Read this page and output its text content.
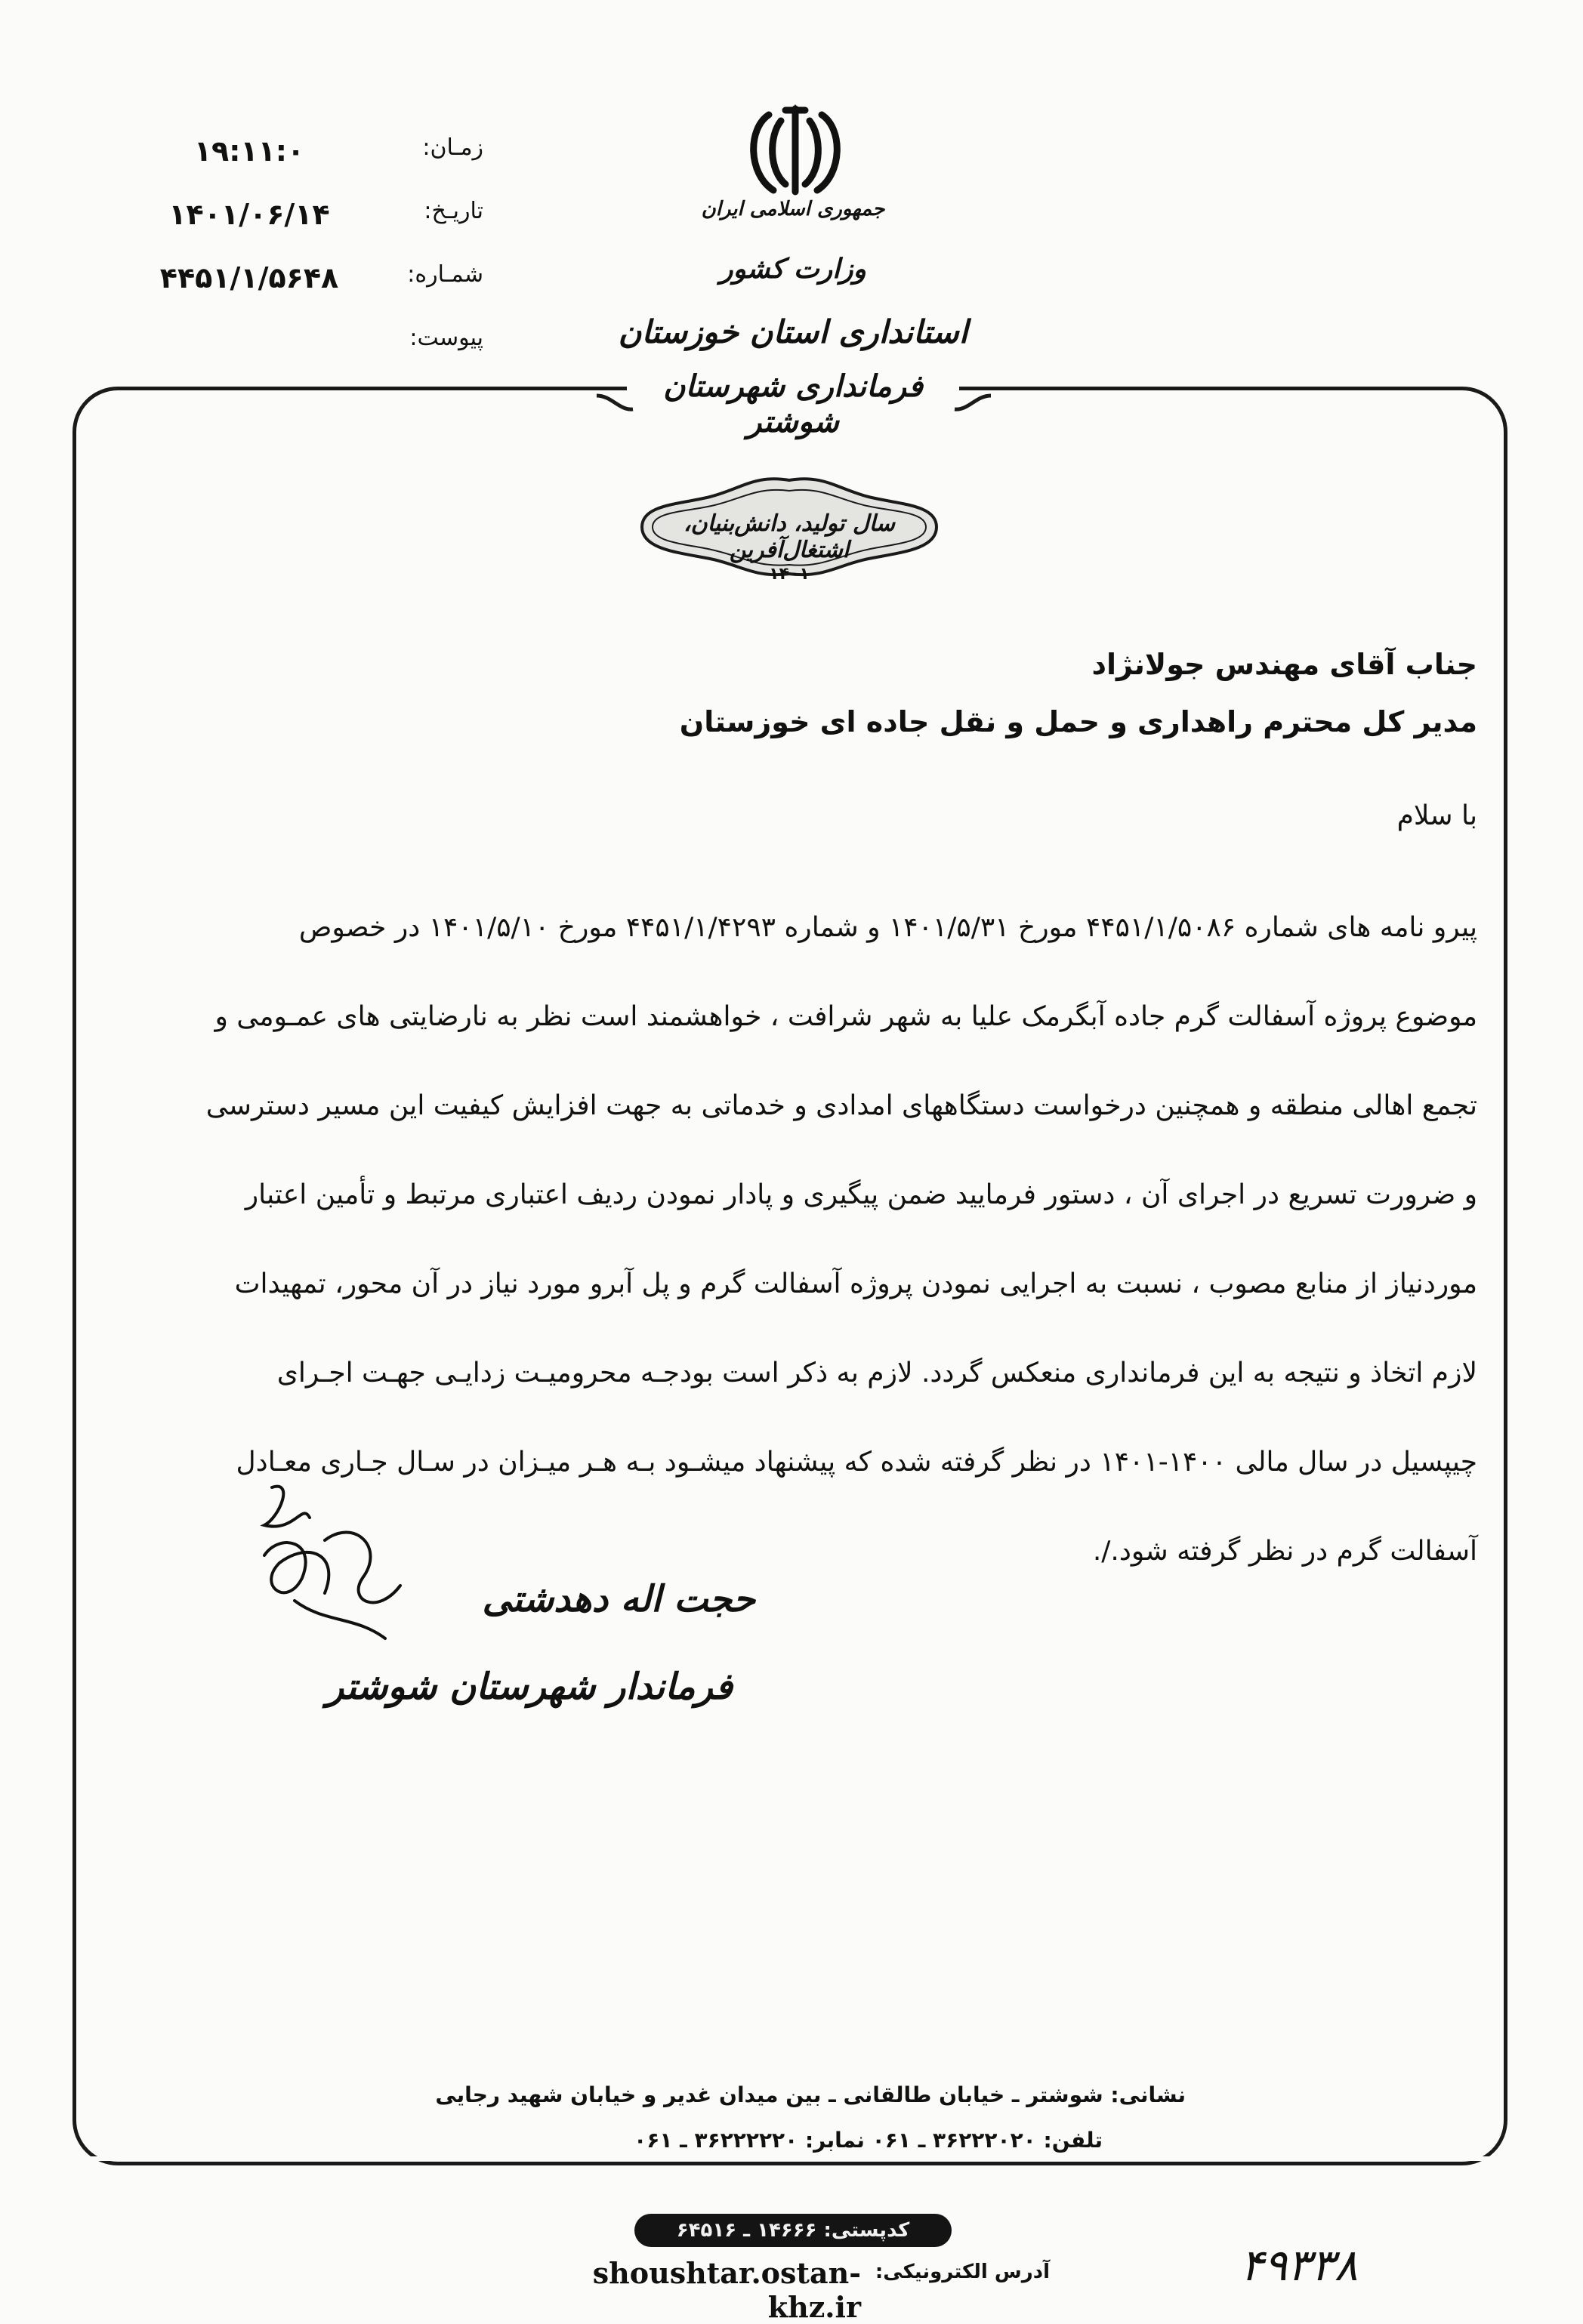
۱۹:۱۱:۰	زمـان:
۱۴۰۱/۰۶/۱۴	تاریـخ:
۴۴۵۱/۱/۵۶۴۸	شمـاره:
پیوست:
جمهوری اسلامی ایران
وزارت کشور
استانداری استان خوزستان
فرمانداری شهرستان شوشتر
سال تولید، دانش‌بنیان، اشتغال‌آفرین
۱۴۰۱
جناب آقای مهندس جولانژاد
مدیر کل محترم راهداری و حمل و نقل جاده ای خوزستان
با سلام
پیرو نامه های شماره ۴۴۵۱/۱/۵۰۸۶ مورخ ۱۴۰۱/۵/۳۱ و شماره ۴۴۵۱/۱/۴۲۹۳ مورخ ۱۴۰۱/۵/۱۰ در خصوص
موضوع پروژه آسفالت گرم جاده آبگرمک علیا به شهر شرافت ، خواهشمند است نظر به نارضایتی های عمـومی و
تجمع اهالی منطقه و همچنین درخواست دستگاههای امدادی و خدماتی به جهت افزایش کیفیت این مسیر دسترسی
و ضرورت تسریع در اجرای آن ، دستور فرمایید ضمن پیگیری و پادار نمودن ردیف اعتباری مرتبط و تأمین اعتبار
موردنیاز از منابع مصوب ، نسبت به اجرایی نمودن پروژه آسفالت گرم و پل آبرو مورد نیاز در آن محور، تمهیدات
لازم اتخاذ و نتیجه به این فرمانداری منعکس گردد. لازم به ذکر است بودجـه محرومیـت زدایـی جهـت اجـرای
چیپسیل در سال مالی ۱۴۰۰-۱۴۰۱ در نظر گرفته شده که پیشنهاد میشـود بـه هـر میـزان در سـال جـاری معـادل
آسفالت گرم در نظر گرفته شود./.
حجت اله دهدشتی
فرماندار شهرستان شوشتر
نشانی: شوشتر ـ خیابان طالقانی ـ بین میدان غدیر و خیابان شهید رجایی
تلفن: ۳۶۲۲۲۰۲۰ ـ ۰۶۱ نمابر: ۳۶۲۲۲۲۲۰ ـ ۰۶۱
کدپستی: ۱۴۶۶۶ ـ ۶۴۵۱۶
آدرس الکترونیکی:
shoushtar.ostan-khz.ir
۴۹۳۳۸
